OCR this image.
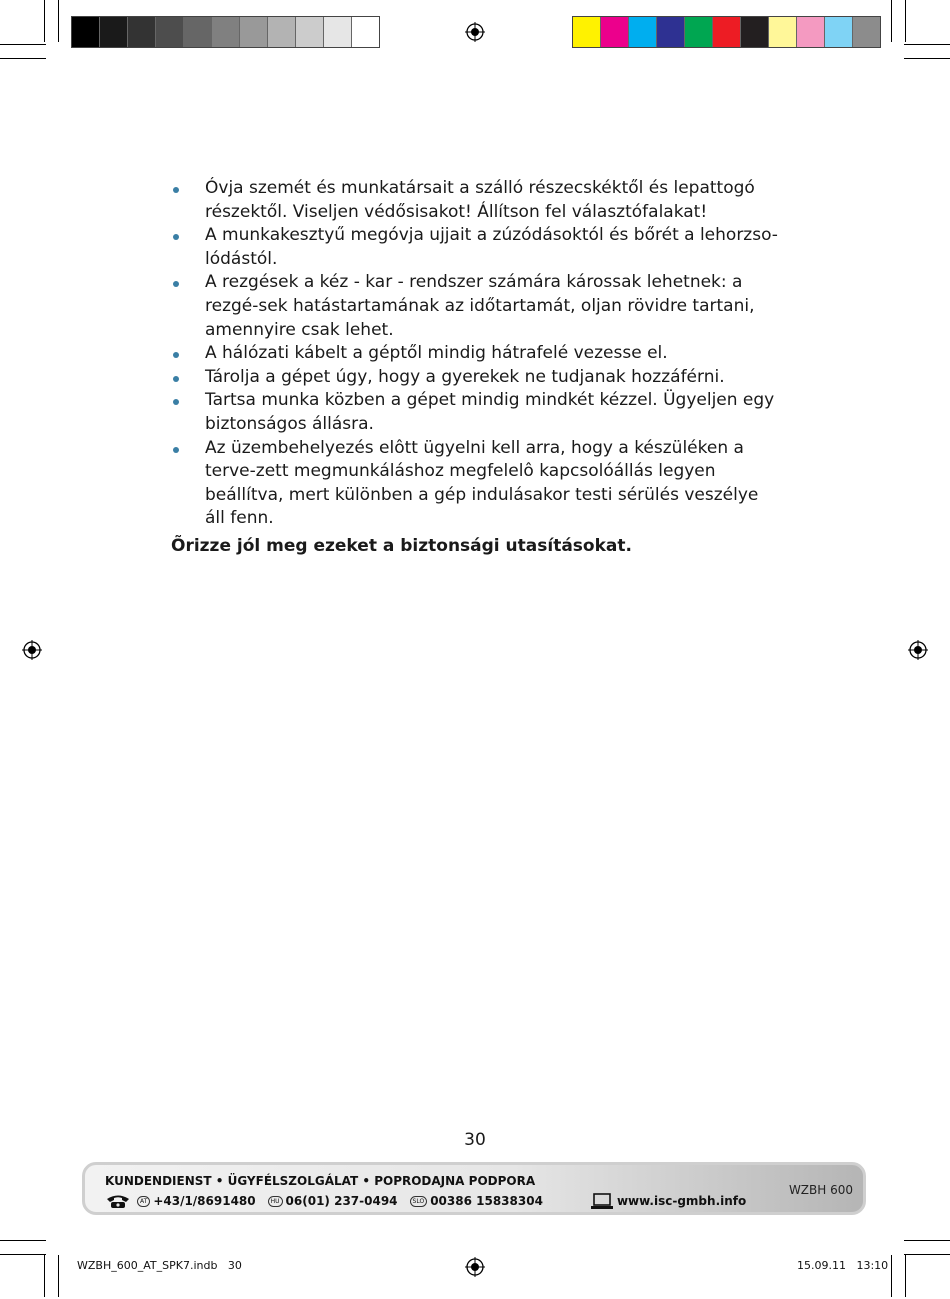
Óvja szemét és munkatársait a szálló részecskéktől és lepattogó részektől. Viseljen védősisakot! Állítson fel választófalakat!
A munkakesztyű megóvja ujjait a zúzódásoktól és bőrét a lehorzso-lódástól.
A rezgések a kéz - kar - rendszer számára károssak lehetnek: a rezgé-sek hatástartamának az időtartamát, oljan rövidre tartani, amennyire csak lehet.
A hálózati kábelt a géptől mindig hátrafelé vezesse el.
Tárolja a gépet úgy, hogy a gyerekek ne tudjanak hozzáférni.
Tartsa munka közben a gépet mindig mindkét kézzel. Ügyeljen egy biztonságos állásra.
Az üzembehelyezés elôtt ügyelni kell arra, hogy a készüléken a terve-zett megmunkáláshoz megfelelô kapcsolóállás legyen beállítva, mert különben a gép indulásakor testi sérülés veszélye áll fenn.
Õrizze jól meg ezeket a biztonsági utasításokat.
30
KUNDENDIENST • ÜGYFÉLSZOLGÁLAT • POPRODAJNA PODPORA
AT +43/1/8691480	HU 06(01) 237-0494	SLO 00386 15838304	www.isc-gmbh.info
WZBH 600
WZBH_600_AT_SPK7.indb   30	15.09.11   13:10
